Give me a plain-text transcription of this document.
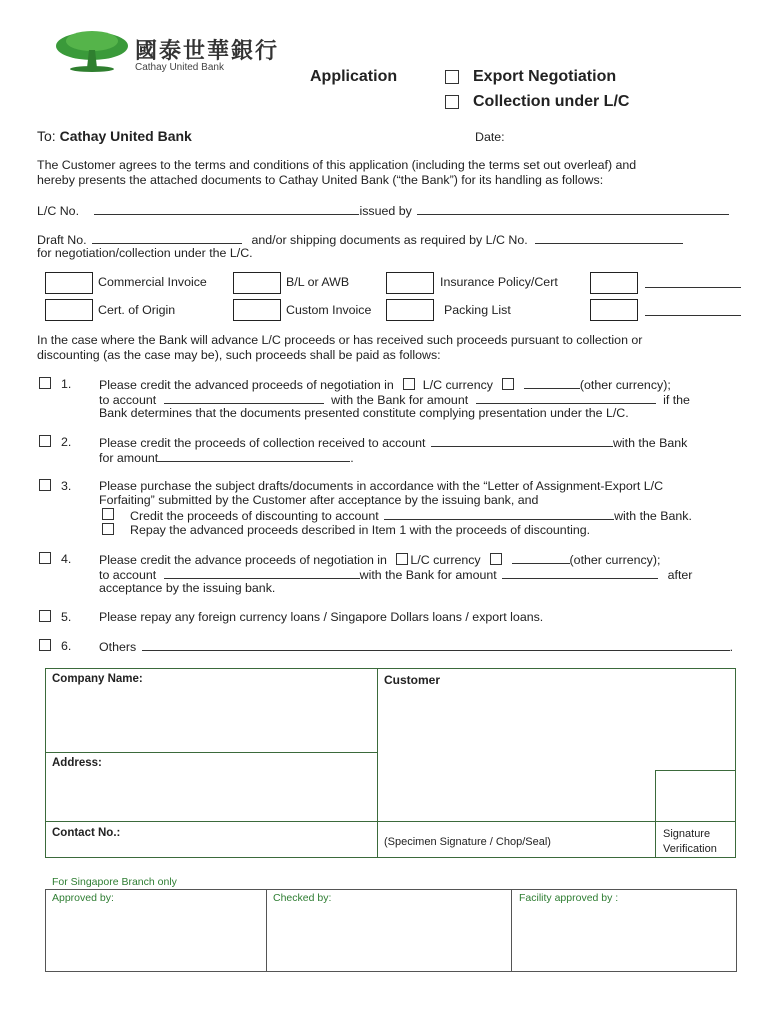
國泰世華銀行
Cathay United Bank
Application	Export Negotiation
Collection under L/C
To: Cathay United Bank	Date:
The Customer agrees to the terms and conditions of this application (including the terms set out overleaf) and
hereby presents the attached documents to Cathay United Bank (“the Bank”) for its handling as follows:
L/C No.	issued by
Draft No.	and/or shipping documents as required by L/C No.
for negotiation/collection under the L/C.
Commercial Invoice	B/L or AWB	Insurance Policy/Cert
Cert. of Origin	Custom Invoice	Packing List
In the case where the Bank will advance L/C proceeds or has received such proceeds pursuant to collection or
discounting (as the case may be), such proceeds shall be paid as follows:
1. Please credit the advanced proceeds of negotiation in L/C currency	(other currency);
to account	with the Bank for amount	if the
Bank determines that the documents presented constitute complying presentation under the L/C.
2. Please credit the proceeds of collection received to account	with the Bank
for amount	.
3. Please purchase the subject drafts/documents in accordance with the “Letter of Assignment-Export L/C
Forfaiting” submitted by the Customer after acceptance by the issuing bank, and
Credit the proceeds of discounting to account	with the Bank.
Repay the advanced proceeds described in Item 1 with the proceeds of discounting.
4. Please credit the advance proceeds of negotiation in L/C currency	(other currency);
to account	with the Bank for amount	after
acceptance by the issuing bank.
5. Please repay any foreign currency loans / Singapore Dollars loans / export loans.
6. Others	.
Company Name:	Customer
Address:
Contact No.:
(Specimen Signature / Chop/Seal)
Signature
Verification
For Singapore Branch only
Approved by:	Checked by:	Facility approved by :
